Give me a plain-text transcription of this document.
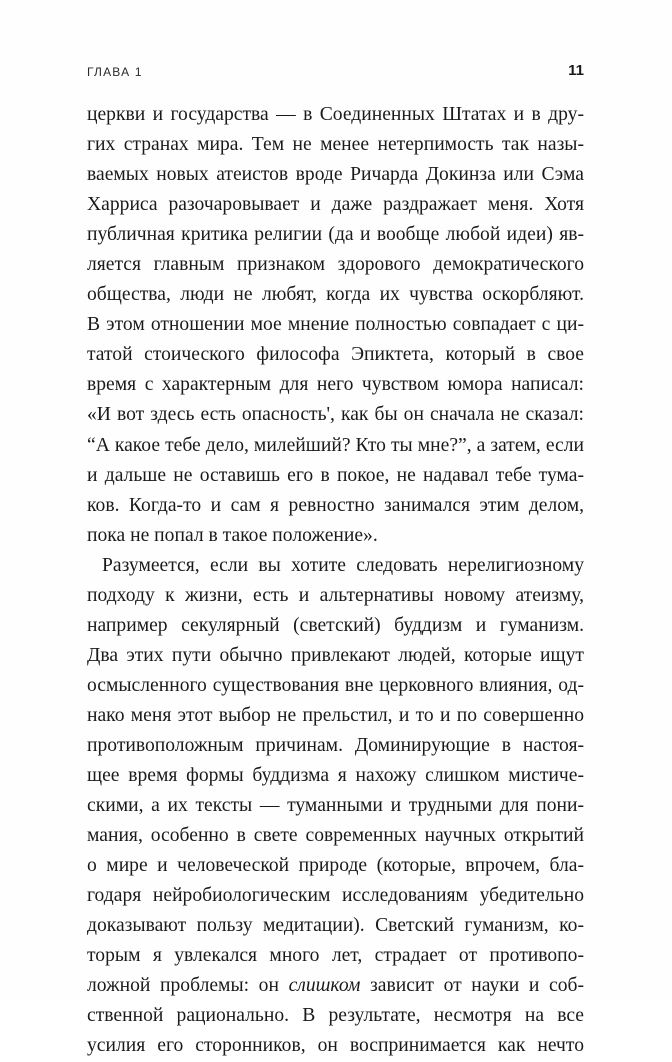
ГЛАВА 1	11
церкви и государства — в Соединенных Штатах и в дру-
гих странах мира. Тем не менее нетерпимость так назы-
ваемых новых атеистов вроде Ричарда Докинза или Сэма
Харриса разочаровывает и даже раздражает меня. Хотя
публичная критика религии (да и вообще любой идеи) яв-
ляется главным признаком здорового демократического
общества, люди не любят, когда их чувства оскорбляют.
В этом отношении мое мнение полностью совпадает с ци-
татой стоического философа Эпиктета, который в свое
время с характерным для него чувством юмора написал:
«И вот здесь есть опасность', как бы он сначала не сказал:
“А какое тебе дело, милейший? Кто ты мне?”, а затем, если
и дальше не оставишь его в покое, не надавал тебе тума-
ков. Когда-то и сам я ревностно занимался этим делом,
пока не попал в такое положение».
Разумеется, если вы хотите следовать нерелигиозному
подходу к жизни, есть и альтернативы новому атеизму,
например секулярный (светский) буддизм и гуманизм.
Два этих пути обычно привлекают людей, которые ищут
осмысленного существования вне церковного влияния, од-
нако меня этот выбор не прельстил, и то и по совершенно
противоположным причинам. Доминирующие в настоя-
щее время формы буддизма я нахожу слишком мистиче-
скими, а их тексты — туманными и трудными для пони-
мания, особенно в свете современных научных открытий
о мире и человеческой природе (которые, впрочем, бла-
годаря нейробиологическим исследованиям убедительно
доказывают пользу медитации). Светский гуманизм, ко-
торым я увлекался много лет, страдает от противопо-
ложной проблемы: он слишком зависит от науки и соб-
ственной рационально. В результате, несмотря на все
усилия его сторонников, он воспринимается как нечто
